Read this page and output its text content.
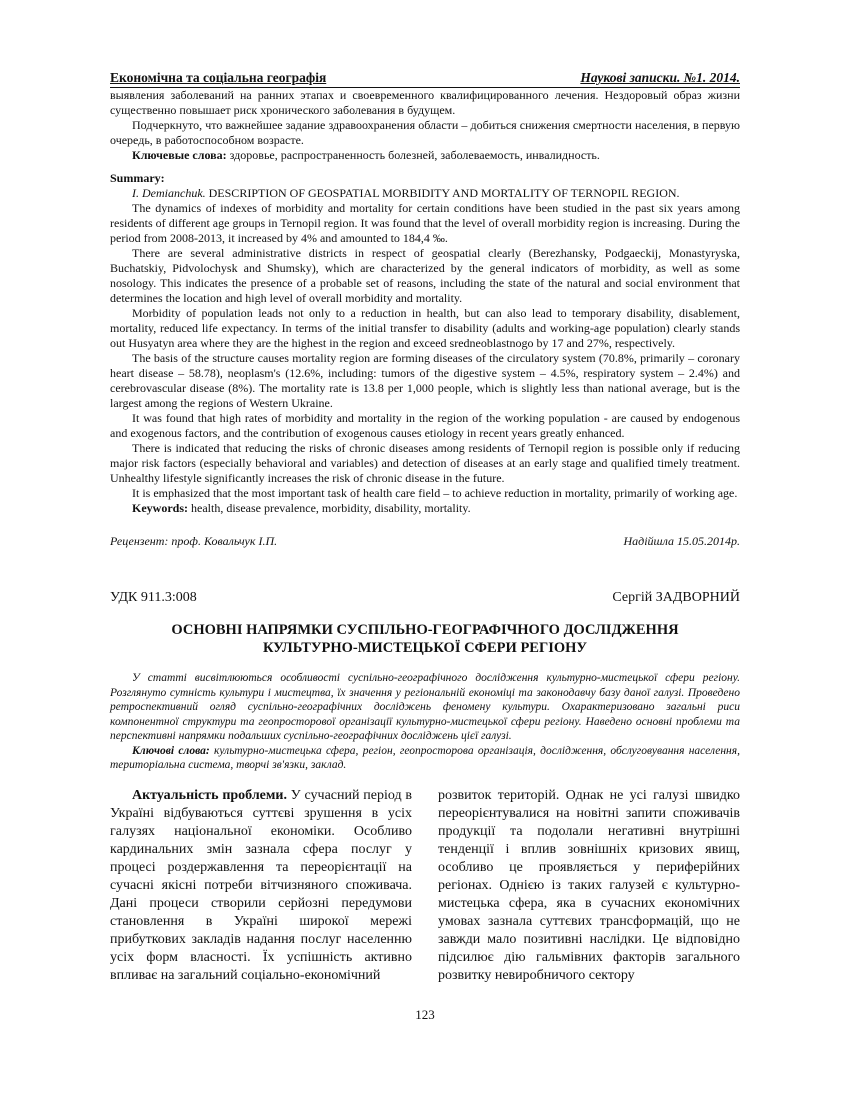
Економічна та соціальна географія	Наукові записки. №1. 2014.

выявления заболеваний на ранних этапах и своевременного квалифицированного лечения. Нездоровый образ жизни существенно повышает риск хронического заболевания в будущем.

Подчеркнуто, что важнейшее задание здравоохранения области – добиться снижения смертности населения, в первую очередь, в работоспособном возрасте.

Ключевые слова: здоровье, распространенность болезней, заболеваемость, инвалидность.

Summary:

I. Demianchuk. DESCRIPTION OF GEOSPATIAL MORBIDITY AND MORTALITY OF TERNOPIL REGION.

The dynamics of indexes of morbidity and mortality for certain conditions have been studied in the past six years among residents of different age groups in Ternopil region. It was found that the level of overall morbidity region is increasing. During the period from 2008-2013, it increased by 4% and amounted to 184,4 ‰.

There are several administrative districts in respect of geospatial clearly (Berezhansky, Podgaeckij, Monastyryska, Buchatskiy, Pidvolochysk and Shumsky), which are characterized by the general indicators of morbidity, as well as some nosology. This indicates the presence of a probable set of reasons, including the state of the natural and social environment that determines the location and high level of overall morbidity and mortality.

Morbidity of population leads not only to a reduction in health, but can also lead to temporary disability, disablement, mortality, reduced life expectancy. In terms of the initial transfer to disability (adults and working-age population) clearly stands out Husyatyn area where they are the highest in the region and exceed sredneoblastnogo by 17 and 27%, respectively.

The basis of the structure causes mortality region are forming diseases of the circulatory system (70.8%, primarily – coronary heart disease – 58.78), neoplasm's (12.6%, including: tumors of the digestive system – 4.5%, respiratory system – 2.4%) and cerebrovascular disease (8%). The mortality rate is 13.8 per 1,000 people, which is slightly less than national average, but is the largest among the regions of Western Ukraine.

It was found that high rates of morbidity and mortality in the region of the working population - are caused by endogenous and exogenous factors, and the contribution of exogenous causes etiology in recent years greatly enhanced.

There is indicated that reducing the risks of chronic diseases among residents of Ternopil region is possible only if reducing major risk factors (especially behavioral and variables) and detection of diseases at an early stage and qualified timely treatment. Unhealthy lifestyle significantly increases the risk of chronic disease in the future.

It is emphasized that the most important task of health care field – to achieve reduction in mortality, primarily of working age.

Keywords: health, disease prevalence, morbidity, disability, mortality.

Рецензент: проф. Ковальчук І.П.	Надійшла 15.05.2014р.
УДК 911.3:008	Сергій ЗАДВОРНИЙ
ОСНОВНІ НАПРЯМКИ СУСПІЛЬНО-ГЕОГРАФІЧНОГО ДОСЛІДЖЕННЯ
КУЛЬТУРНО-МИСТЕЦЬКОЇ СФЕРИ РЕГІОНУ

У статті висвітлюються особливості суспільно-географічного дослідження культурно-мистецької сфери регіону. Розглянуто сутність культури і мистецтва, їх значення у регіональній економіці та законодавчу базу даної галузі. Проведено ретроспективний огляд суспільно-географічних досліджень феномену культури. Охарактеризовано загальні риси компонентної структури та геопросторової організації культурно-мистецької сфери регіону. Наведено основні проблеми та перспективні напрямки подальших суспільно-географічних досліджень цієї галузі.

Ключові слова: культурно-мистецька сфера, регіон, геопросторова організація, дослідження, обслуговування населення, територіальна система, творчі зв'язки, заклад.

Актуальність проблеми. У сучасний період в Україні відбуваються суттєві зрушення в усіх галузях національної економіки. Особливо кардинальних змін зазнала сфера послуг у процесі роздержавлення та переорієнтації на сучасні якісні потреби вітчизняного споживача. Дані процеси створили серйозні передумови становлення в Україні широкої мережі прибуткових закладів надання послуг населенню усіх форм власності. Їх успішність активно впливає на загальний соціально-економічний

розвиток територій. Однак не усі галузі швидко переорієнтувалися на новітні запити споживачів продукції та подолали негативні внутрішні тенденції і вплив зовнішніх кризових явищ, особливо це проявляється у периферійних регіонах. Однією із таких галузей є культурно-мистецька сфера, яка в сучасних економічних умовах зазнала суттєвих трансформацій, що не завжди мало позитивні наслідки. Це відповідно підсилює дію гальмівних факторів загального розвитку невиробничого сектору

123
